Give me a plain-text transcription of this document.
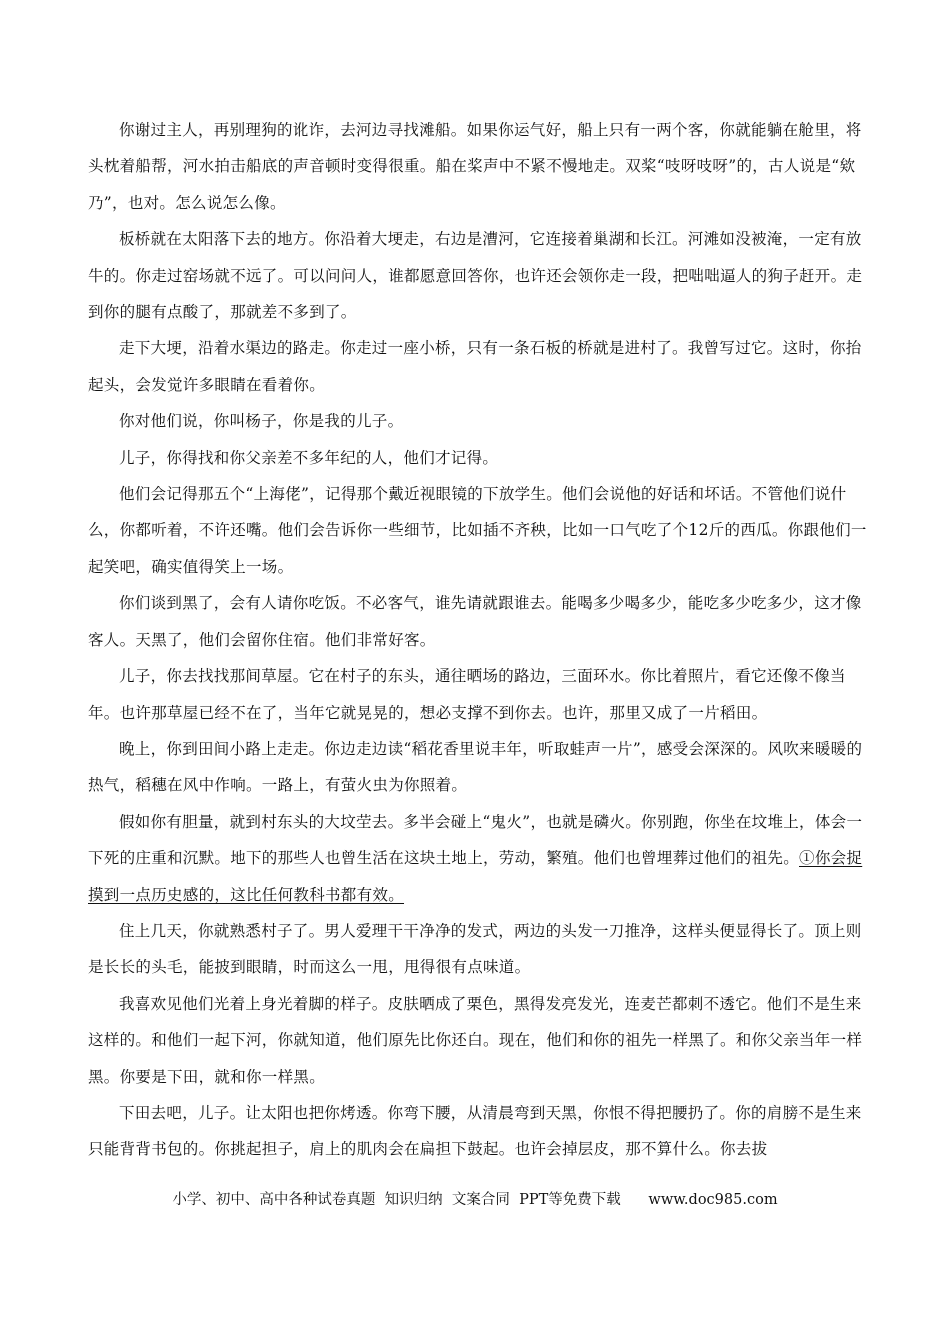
你谢过主人，再别理狗的讹诈，去河边寻找滩船。如果你运气好，船上只有一两个客，你就能躺在舱里，将头枕着船帮，河水拍击船底的声音顿时变得很重。船在桨声中不紧不慢地走。双桨“吱呀吱呀”的，古人说是“欸乃”，也对。怎么说怎么像。

板桥就在太阳落下去的地方。你沿着大埂走，右边是漕河，它连接着巢湖和长江。河滩如没被淹，一定有放牛的。你走过窑场就不远了。可以问问人，谁都愿意回答你，也许还会领你走一段，把咄咄逼人的狗子赶开。走到你的腿有点酸了，那就差不多到了。

走下大埂，沿着水渠边的路走。你走过一座小桥，只有一条石板的桥就是进村了。我曾写过它。这时，你抬起头，会发觉许多眼睛在看着你。

你对他们说，你叫杨子，你是我的儿子。

儿子，你得找和你父亲差不多年纪的人，他们才记得。

他们会记得那五个“上海佬”，记得那个戴近视眼镜的下放学生。他们会说他的好话和坏话。不管他们说什么，你都听着，不许还嘴。他们会告诉你一些细节，比如插不齐秧，比如一口气吃了个12斤的西瓜。你跟他们一起笑吧，确实值得笑上一场。

你们谈到黑了，会有人请你吃饭。不必客气，谁先请就跟谁去。能喝多少喝多少，能吃多少吃多少，这才像客人。天黑了，他们会留你住宿。他们非常好客。

儿子，你去找找那间草屋。它在村子的东头，通往晒场的路边，三面环水。你比着照片，看它还像不像当年。也许那草屋已经不在了，当年它就晃晃的，想必支撑不到你去。也许，那里又成了一片稻田。

晚上，你到田间小路上走走。你边走边读“稻花香里说丰年，听取蛙声一片”，感受会深深的。风吹来暖暖的热气，稻穗在风中作响。一路上，有萤火虫为你照着。

假如你有胆量，就到村东头的大坟茔去。多半会碰上“鬼火”，也就是磷火。你别跑，你坐在坟堆上，体会一下死的庄重和沉默。地下的那些人也曾生活在这块土地上，劳动，繁殖。他们也曾埋葬过他们的祖先。①你会捉摸到一点历史感的，这比任何教科书都有效。

住上几天，你就熟悉村子了。男人爱理干干净净的发式，两边的头发一刀推净，这样头便显得长了。顶上则是长长的头毛，能披到眼睛，时而这么一甩，甩得很有点味道。

我喜欢见他们光着上身光着脚的样子。皮肤晒成了栗色，黑得发亮发光，连麦芒都刺不透它。他们不是生来这样的。和他们一起下河，你就知道，他们原先比你还白。现在，他们和你的祖先一样黑了。和你父亲当年一样黑。你要是下田，就和你一样黑。

下田去吧，儿子。让太阳也把你烤透。你弯下腰，从清晨弯到天黑，你恨不得把腰扔了。你的肩膀不是生来只能背背书包的。你挑起担子，肩上的肌肉会在扁担下鼓起。也许会掉层皮，那不算什么。你去拔

小学、初中、高中各种试卷真题  知识归纳  文案合同  PPT等免费下载 www.doc985.com
